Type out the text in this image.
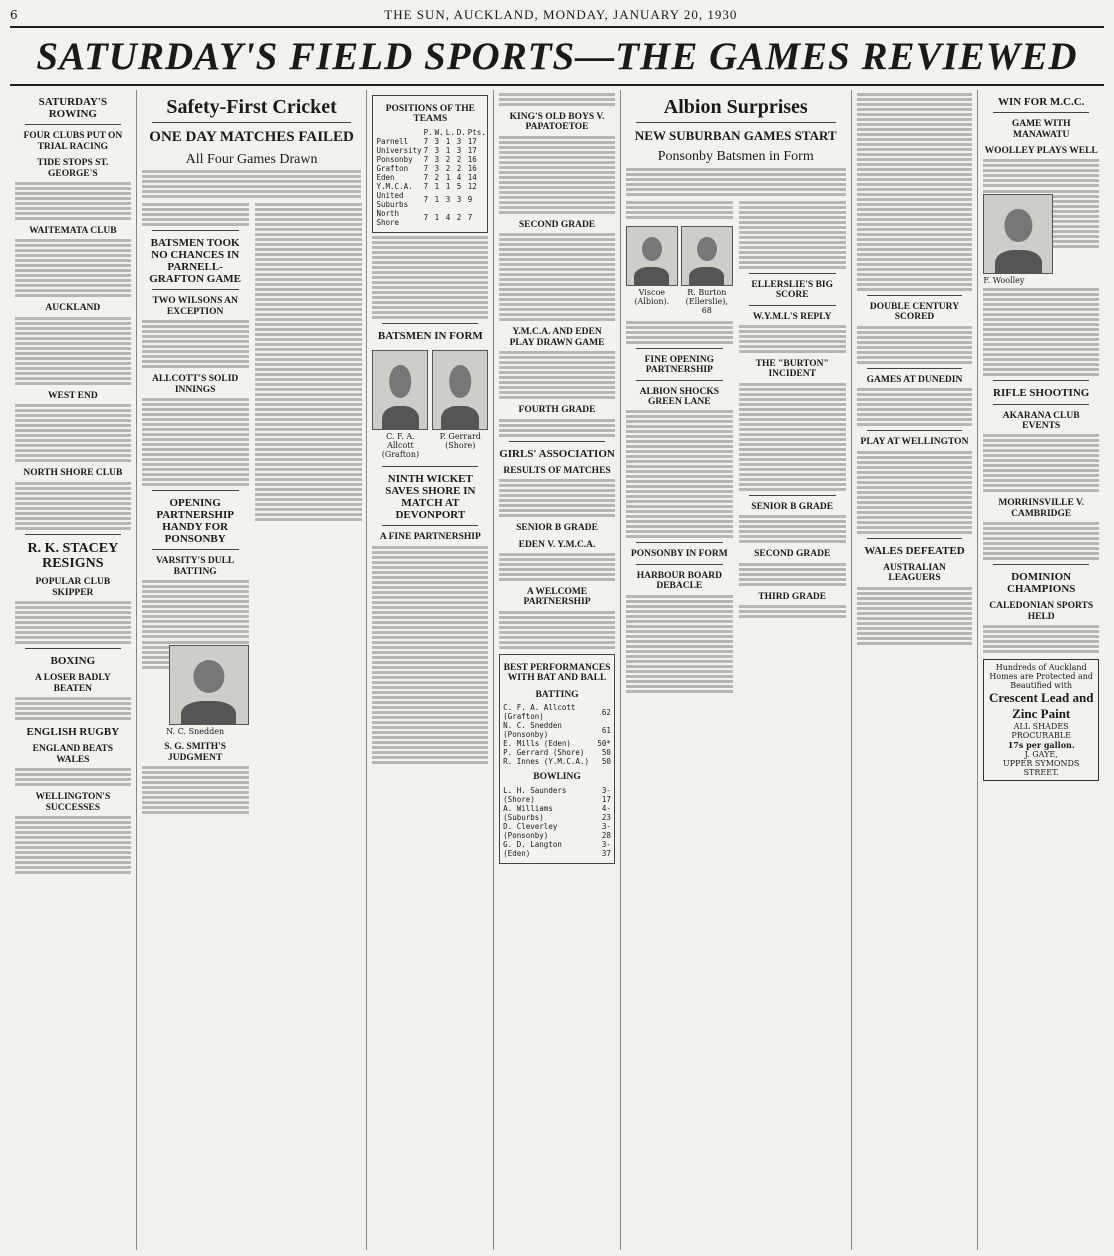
6	THE SUN, AUCKLAND, MONDAY, JANUARY 20, 1930
SATURDAY'S FIELD SPORTS—THE GAMES REVIEWED
SATURDAY'S ROWING
FOUR CLUBS PUT ON TRIAL RACING
TIDE STOPS ST. GEORGE'S
WAITEMATA CLUB
AUCKLAND
WEST END
NORTH SHORE CLUB
R. K. STACEY RESIGNS
POPULAR CLUB SKIPPER
BOXING
A LOSER BADLY BEATEN
ENGLISH RUGBY
ENGLAND BEATS WALES
WELLINGTON'S SUCCESSES
Safety-First Cricket
ONE DAY MATCHES FAILED
All Four Games Drawn
BATSMEN TOOK NO CHANCES IN PARNELL-GRAFTON GAME
TWO WILSONS AN EXCEPTION
ALLCOTT'S SOLID INNINGS
OPENING PARTNERSHIP HANDY FOR PONSONBY
VARSITY'S DULL BATTING
N. C. Snedden
S. G. SMITH'S JUDGMENT
POSITIONS OF THE TEAMS
	P.	W.	L.	D.	Pts.
Parnell	7	3	1	3	17
University	7	3	1	3	17
Ponsonby	7	3	2	2	16
Grafton	7	3	2	2	16
Eden	7	2	1	4	14
Y.M.C.A.	7	1	1	5	12
United Suburbs	7	1	3	3	9
North Shore	7	1	4	2	7
BATSMEN IN FORM
C. F. A. Allcott (Grafton)
P. Gerrard (Shore)
NINTH WICKET SAVES SHORE IN MATCH AT DEVONPORT
A FINE PARTNERSHIP
KING'S OLD BOYS V. PAPATOETOE
SECOND GRADE
Y.M.C.A. AND EDEN PLAY DRAWN GAME
FOURTH GRADE
GIRLS' ASSOCIATION
RESULTS OF MATCHES
SENIOR B GRADE
EDEN V. Y.M.C.A.
A WELCOME PARTNERSHIP
BEST PERFORMANCES WITH BAT AND BALL
BATTING
C. F. A. Allcott (Grafton)	62
N. C. Snedden (Ponsonby)	61
E. Mills (Eden)	50*
P. Gerrard (Shore)	50
R. Innes (Y.M.C.A.)	50
BOWLING
L. H. Saunders (Shore)	3-17
A. Williams (Suburbs)	4-23
D. Cleverley (Ponsonby)	3-28
G. D. Langton (Eden)	3-37
Albion Surprises
NEW SUBURBAN GAMES START
Ponsonby Batsmen in Form
Viscoe (Albion).
R. Burton (Ellerslie), 68
FINE OPENING PARTNERSHIP
ALBION SHOCKS GREEN LANE
PONSONBY IN FORM
HARBOUR BOARD DEBACLE
ELLERSLIE'S BIG SCORE
W.Y.M.L'S REPLY
THE "BURTON" INCIDENT
SENIOR B GRADE
SECOND GRADE
THIRD GRADE
DOUBLE CENTURY SCORED
GAMES AT DUNEDIN
PLAY AT WELLINGTON
WALES DEFEATED
AUSTRALIAN LEAGUERS
WIN FOR M.C.C.
GAME WITH MANAWATU
WOOLLEY PLAYS WELL
F. Woolley
RIFLE SHOOTING
AKARANA CLUB EVENTS
MORRINSVILLE V. CAMBRIDGE
DOMINION CHAMPIONS
CALEDONIAN SPORTS HELD
Hundreds of Auckland Homes are Protected and Beautified with
Crescent Lead and Zinc Paint
ALL SHADES PROCURABLE
17s per gallon.
J. GAYE,
UPPER SYMONDS STREET.
